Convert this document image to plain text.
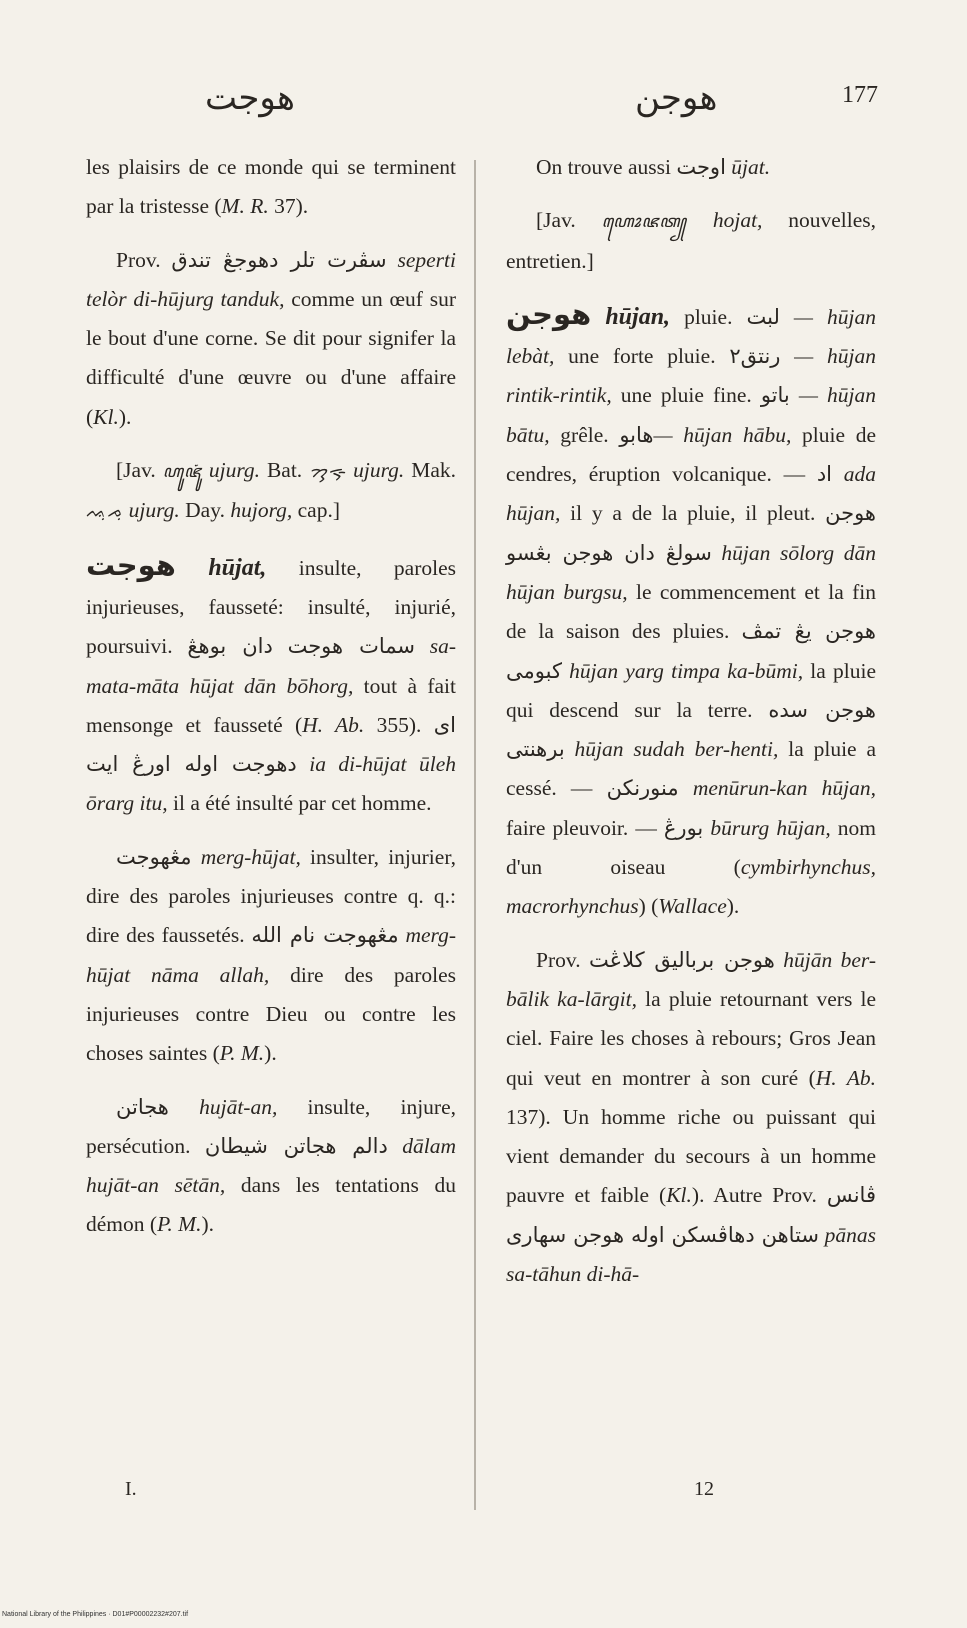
هوجت	هوجن	177

les plaisirs de ce monde qui se terminent par la tristesse (M. R. 37).

Prov. سڤرت تلر دهوجڠ تندق seperti telòr di-hūjurg tanduk, comme un œuf sur le bout d'une corne. Se dit pour signifer la difficulté d'une œuvre ou d'une affaire (Kl.).

[Jav. ꦲꦸꦗꦸꦁ ujurg. Bat. ᯂᯮᯐᯮ ujurg. Mak. ᨕᨘᨍᨘ ujurg. Day. hujorg, cap.]

هوجت hūjat, insulte, paroles injurieuses, fausseté: insulté, injurié, poursuivi.	سمات هوجت دان بوهڠ	sa-mata-māta hūjat dān bōhorg, tout à fait mensonge et fausseté (H. Ab. 355). اى دهوجت اوله اورڠ ايت ia di-hūjat ūleh ōrarg itu, il a été insulté par cet homme.

مڠهوجت merg-hūjat, insulter, injurier, dire des paroles injurieuses contre q. q.: dire des faussetés. مڠهوجت نام الله merg-hūjat nāma allah, dire des paroles injurieuses contre Dieu ou contre les choses saintes (P. M.).

هجاتن hujāt-an, insulte, injure, persécution. دالم هجاتن شيطان dālam hujāt-an sētān, dans les tentations du démon (P. M.).

On trouve aussi اوجت ūjat.

[Jav. ꦲꦺꦴꦗꦠ꧀ hojat, nouvelles, entretien.]

هوجن hūjan, pluie. لبت — hūjan lebàt, une forte pluie. رنتق٢ — hūjan rintik-rintik, une pluie fine. باتو — hūjan bātu, grêle. هابو— hūjan hābu, pluie de cendres, éruption volcanique. — اد ada hūjan, il y a de la pluie, il pleut. هوجن سولڠ دان هوجن بڠسو hūjan sōlorg dān hūjan burgsu, le commencement et la fin de la saison des pluies. هوجن يڠ تمڤ كبومى hūjan yarg timpa ka-būmi, la pluie qui descend sur la terre. هوجن سده برهنتى hūjan sudah ber-henti, la pluie a cessé. — منورنكن menūrun-kan hūjan, faire pleuvoir. — بورڠ būrurg hūjan, nom d'un oiseau (cymbirhynchus, macrorhynchus) (Wallace).

Prov. هوجن برباليق كلاڠت hūjān ber-bālik ka-lārgit, la pluie retournant vers le ciel. Faire les choses à rebours; Gros Jean qui veut en montrer à son curé (H. Ab. 137). Un homme riche ou puissant qui vient demander du secours à un homme pauvre et faible (Kl.). Autre Prov. ڤانس ستاهن دهاڤسكن اوله هوجن سهارى pānas sa-tāhun di-hā-

I.	12
National Library of the Philippines · D01#P00002232#207.tif
